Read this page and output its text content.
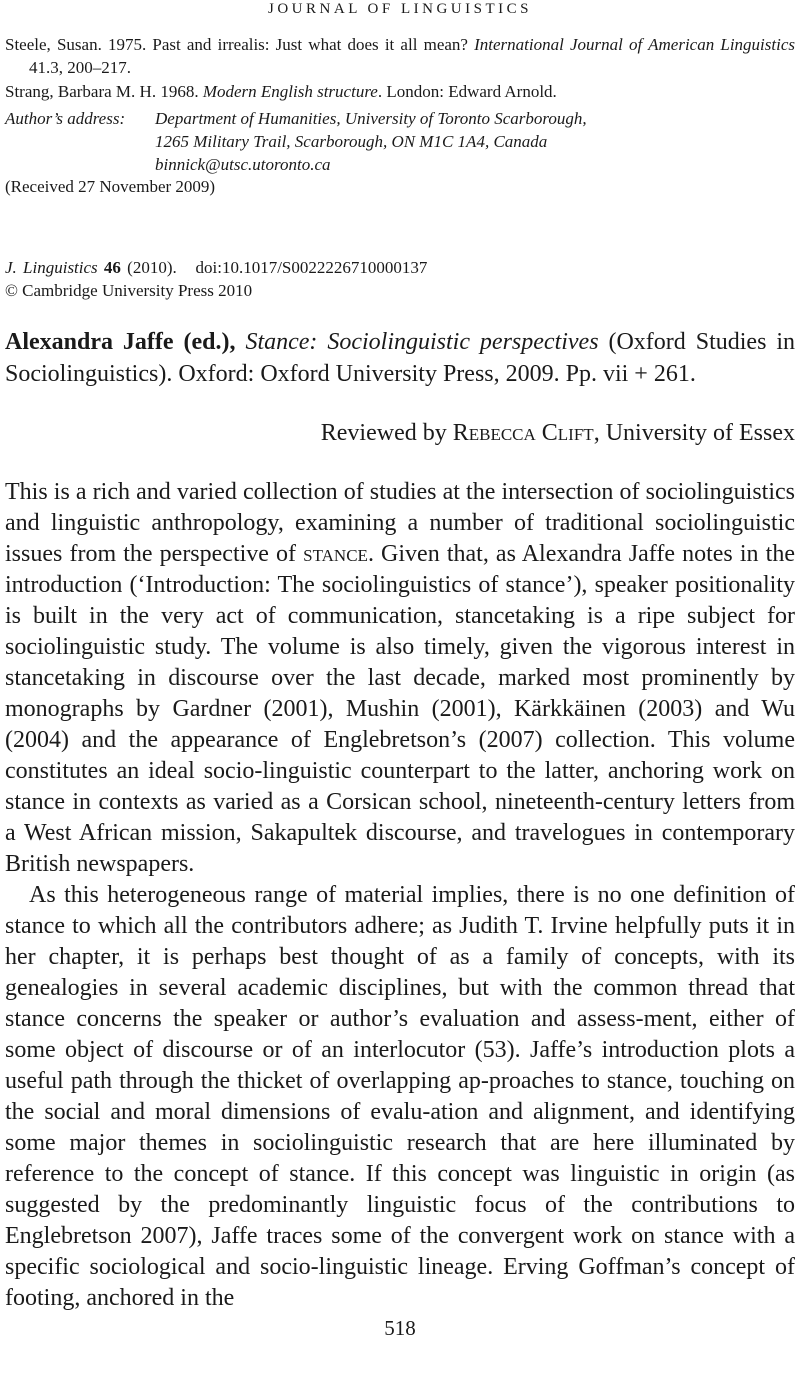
JOURNAL OF LINGUISTICS
Steele, Susan. 1975. Past and irrealis: Just what does it all mean? International Journal of American Linguistics 41.3, 200–217.
Strang, Barbara M. H. 1968. Modern English structure. London: Edward Arnold.
Author’s address:	Department of Humanities, University of Toronto Scarborough,
1265 Military Trail, Scarborough, ON M1C 1A4, Canada
binnick@utsc.utoronto.ca
(Received 27 November 2009)
J. Linguistics 46 (2010). doi:10.1017/S0022226710000137
© Cambridge University Press 2010
Alexandra Jaffe (ed.), Stance: Sociolinguistic perspectives (Oxford Studies in Sociolinguistics). Oxford: Oxford University Press, 2009. Pp. vii + 261.
Reviewed by Rebecca Clift, University of Essex

This is a rich and varied collection of studies at the intersection of sociolinguistics and linguistic anthropology, examining a number of traditional sociolinguistic issues from the perspective of stance. Given that, as Alexandra Jaffe notes in the introduction (‘Introduction: The sociolinguistics of stance’), speaker positionality is built in the very act of communication, stancetaking is a ripe subject for sociolinguistic study. The volume is also timely, given the vigorous interest in stancetaking in discourse over the last decade, marked most prominently by monographs by Gardner (2001), Mushin (2001), Kärkkäinen (2003) and Wu (2004) and the appearance of Englebretson’s (2007) collection. This volume constitutes an ideal socio-linguistic counterpart to the latter, anchoring work on stance in contexts as varied as a Corsican school, nineteenth-century letters from a West African mission, Sakapultek discourse, and travelogues in contemporary British newspapers.

As this heterogeneous range of material implies, there is no one definition of stance to which all the contributors adhere; as Judith T. Irvine helpfully puts it in her chapter, it is perhaps best thought of as a family of concepts, with its genealogies in several academic disciplines, but with the common thread that stance concerns the speaker or author’s evaluation and assess-ment, either of some object of discourse or of an interlocutor (53). Jaffe’s introduction plots a useful path through the thicket of overlapping ap-proaches to stance, touching on the social and moral dimensions of evalu-ation and alignment, and identifying some major themes in sociolinguistic research that are here illuminated by reference to the concept of stance. If this concept was linguistic in origin (as suggested by the predominantly linguistic focus of the contributions to Englebretson 2007), Jaffe traces some of the convergent work on stance with a specific sociological and socio-linguistic lineage. Erving Goffman’s concept of footing, anchored in the

518
